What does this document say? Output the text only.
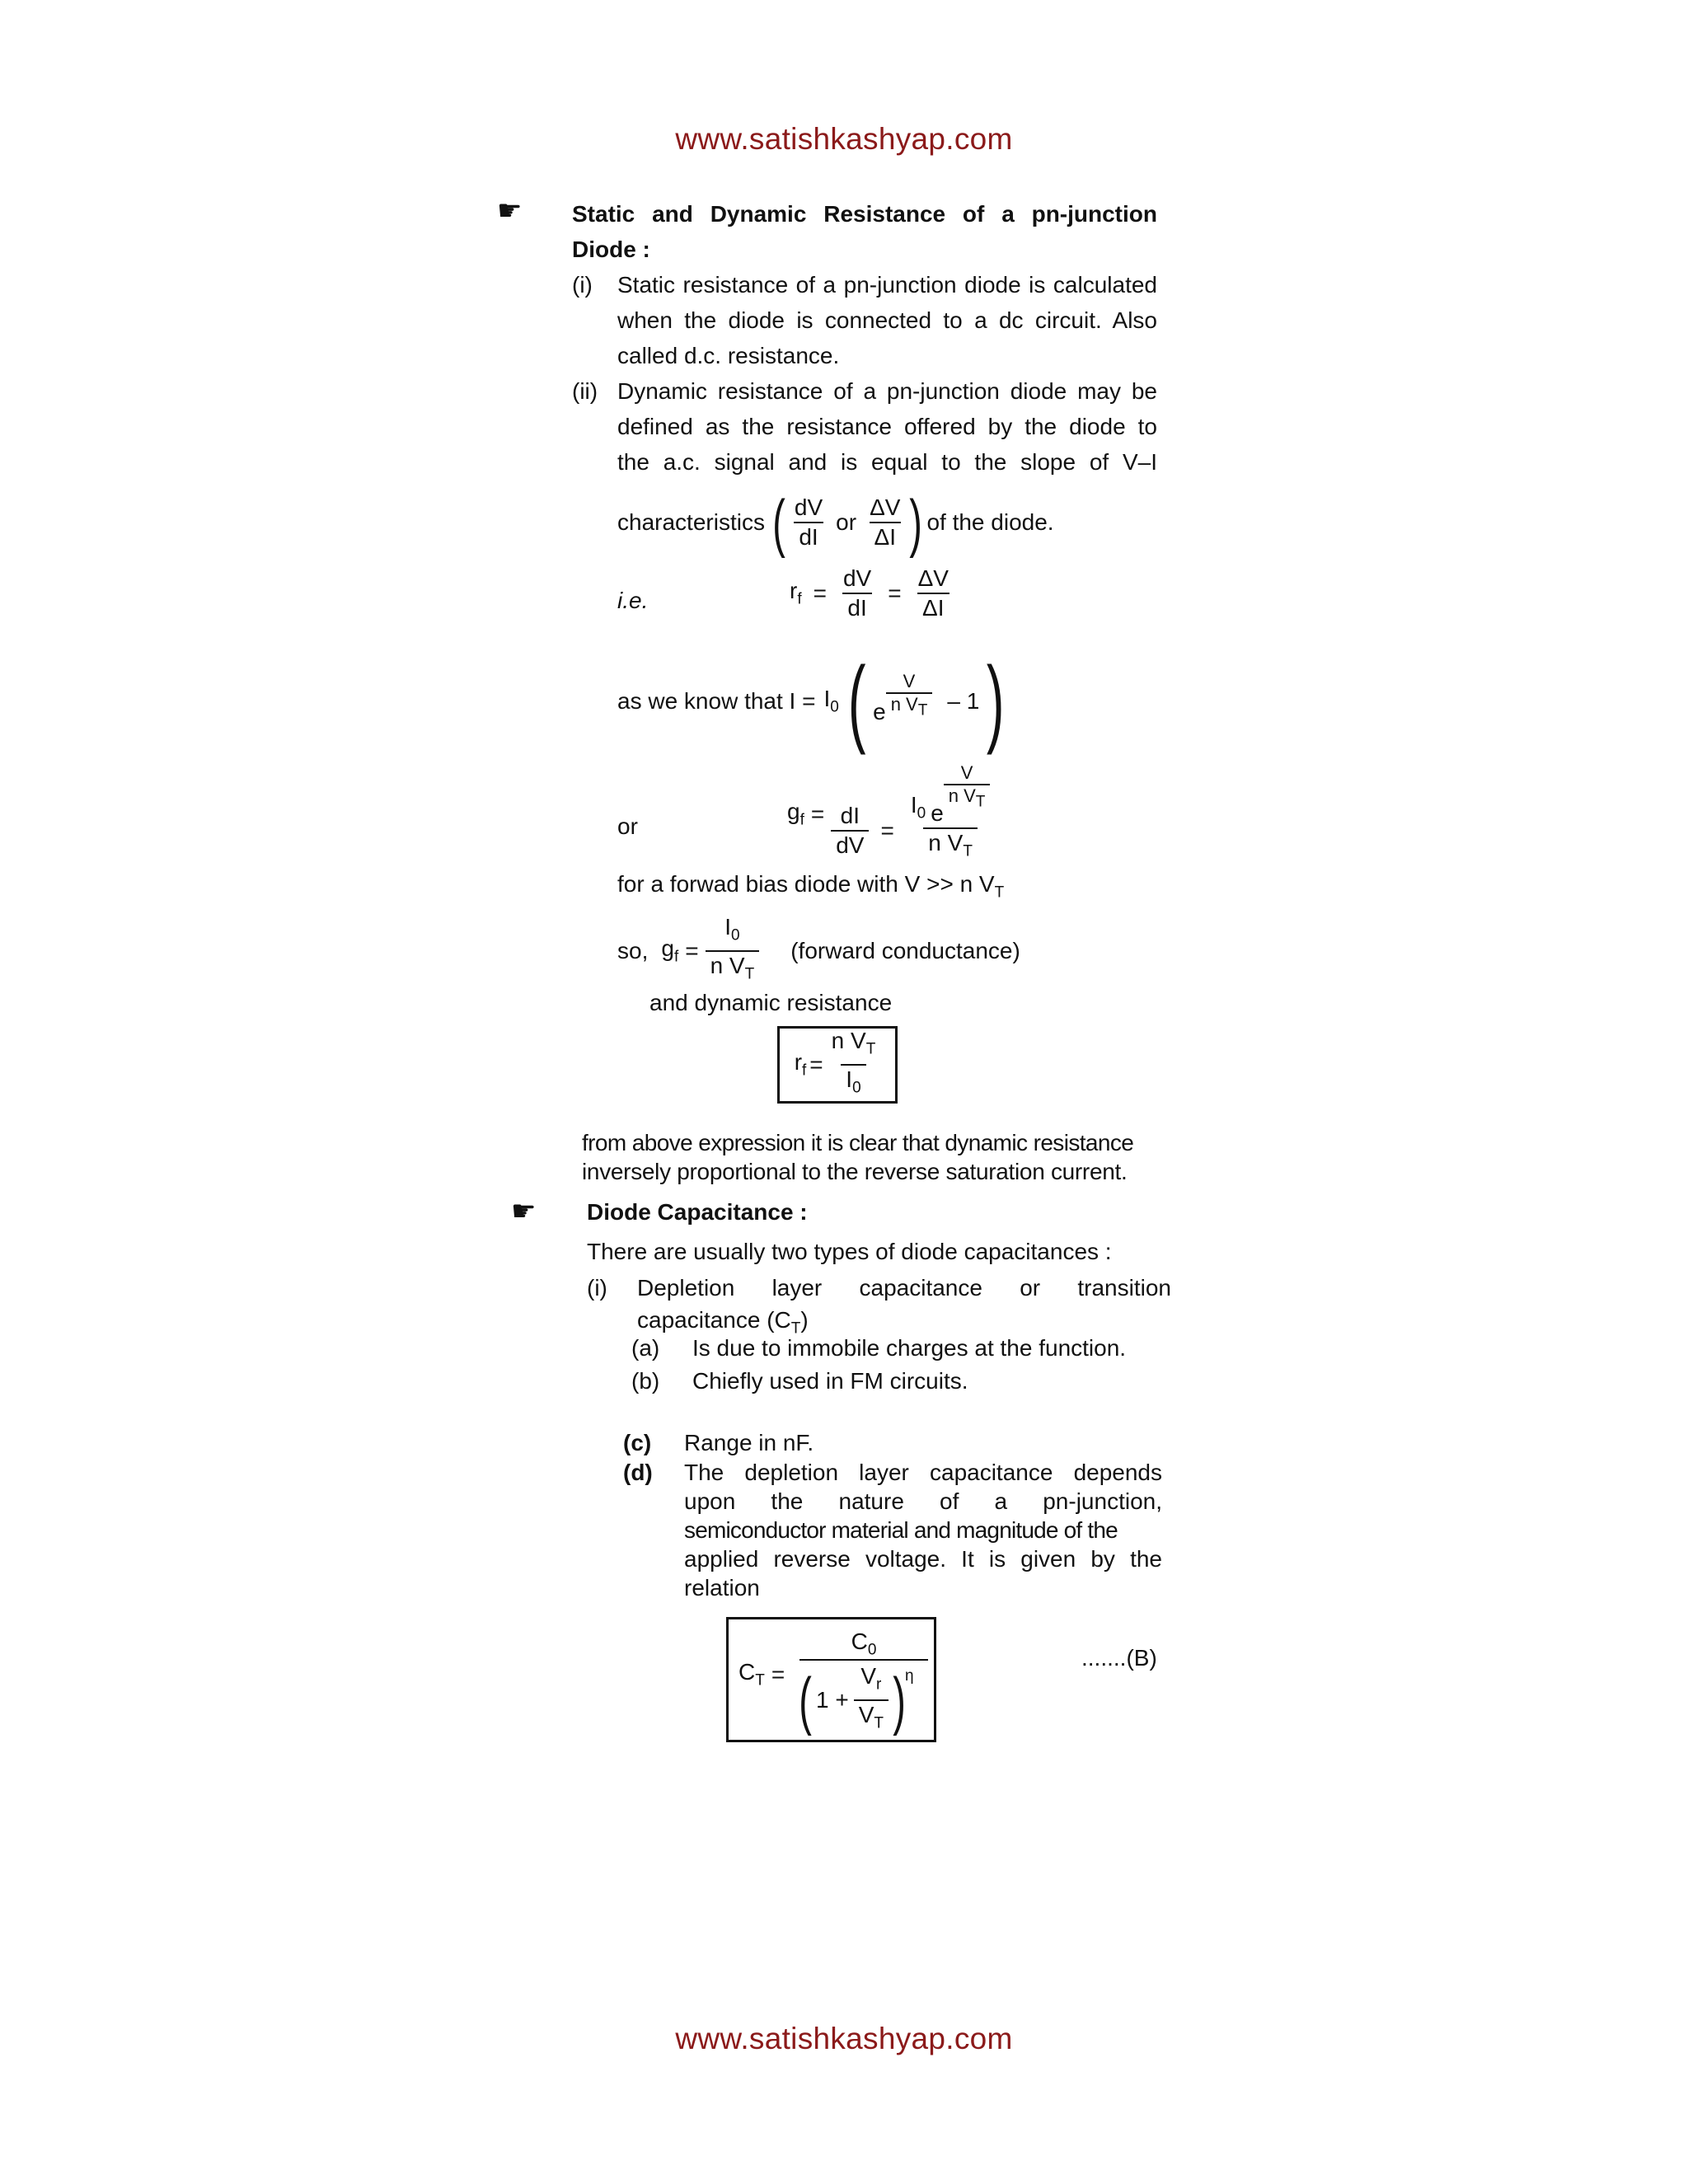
www.satishkashyap.com
☛ Static and Dynamic Resistance of a pn-junction
Diode :
(i) Static resistance of a pn-junction diode is calculated
when the diode is connected to a dc circuit. Also
called d.c. resistance.
(ii) Dynamic resistance of a pn-junction diode may be
defined as the resistance offered by the diode to
the a.c. signal and is equal to the slope of V–I
characteristics ( $\frac{dV}{dI}$ or $\frac{\Delta V}{\Delta I}$ ) of the diode.
i.e.	$r_f = \frac{dV}{dI} = \frac{\Delta V}{\Delta I}$
as we know that $I = I_0$ ( e $\frac{V}{n V_T} - 1$ )
or
$g_f = \frac{dI}{dV} = I_0$ e
$\frac{V}{n V_T}$
n $V_T$
for a forwad bias diode with V >> n $V_T$
so, $g_f = \frac{I_0}{n V_T}$ (forward conductance)
and dynamic resistance
$r_f = \frac{n V_T}{I_0}$
from above expression it is clear that dynamic resistance
inversely proportional to the reverse saturation current.
☛ Diode Capacitance :
There are usually two types of diode capacitances :
(i) Depletion layer capacitance or transition
capacitance $(C_T)$
(a) Is due to immobile charges at the function.
(b) Chiefly used in FM circuits.
(c) Range in nF.
(d) The depletion layer capacitance depends
upon the nature of a pn-junction,
semiconductor material and magnitude of the
applied reverse voltage. It is given by the
relation
$C_T$ =
$C_0$
( $1 + \frac{V_r}{V_T} )^\eta$
.......(B)
www.satishkashyap.com
